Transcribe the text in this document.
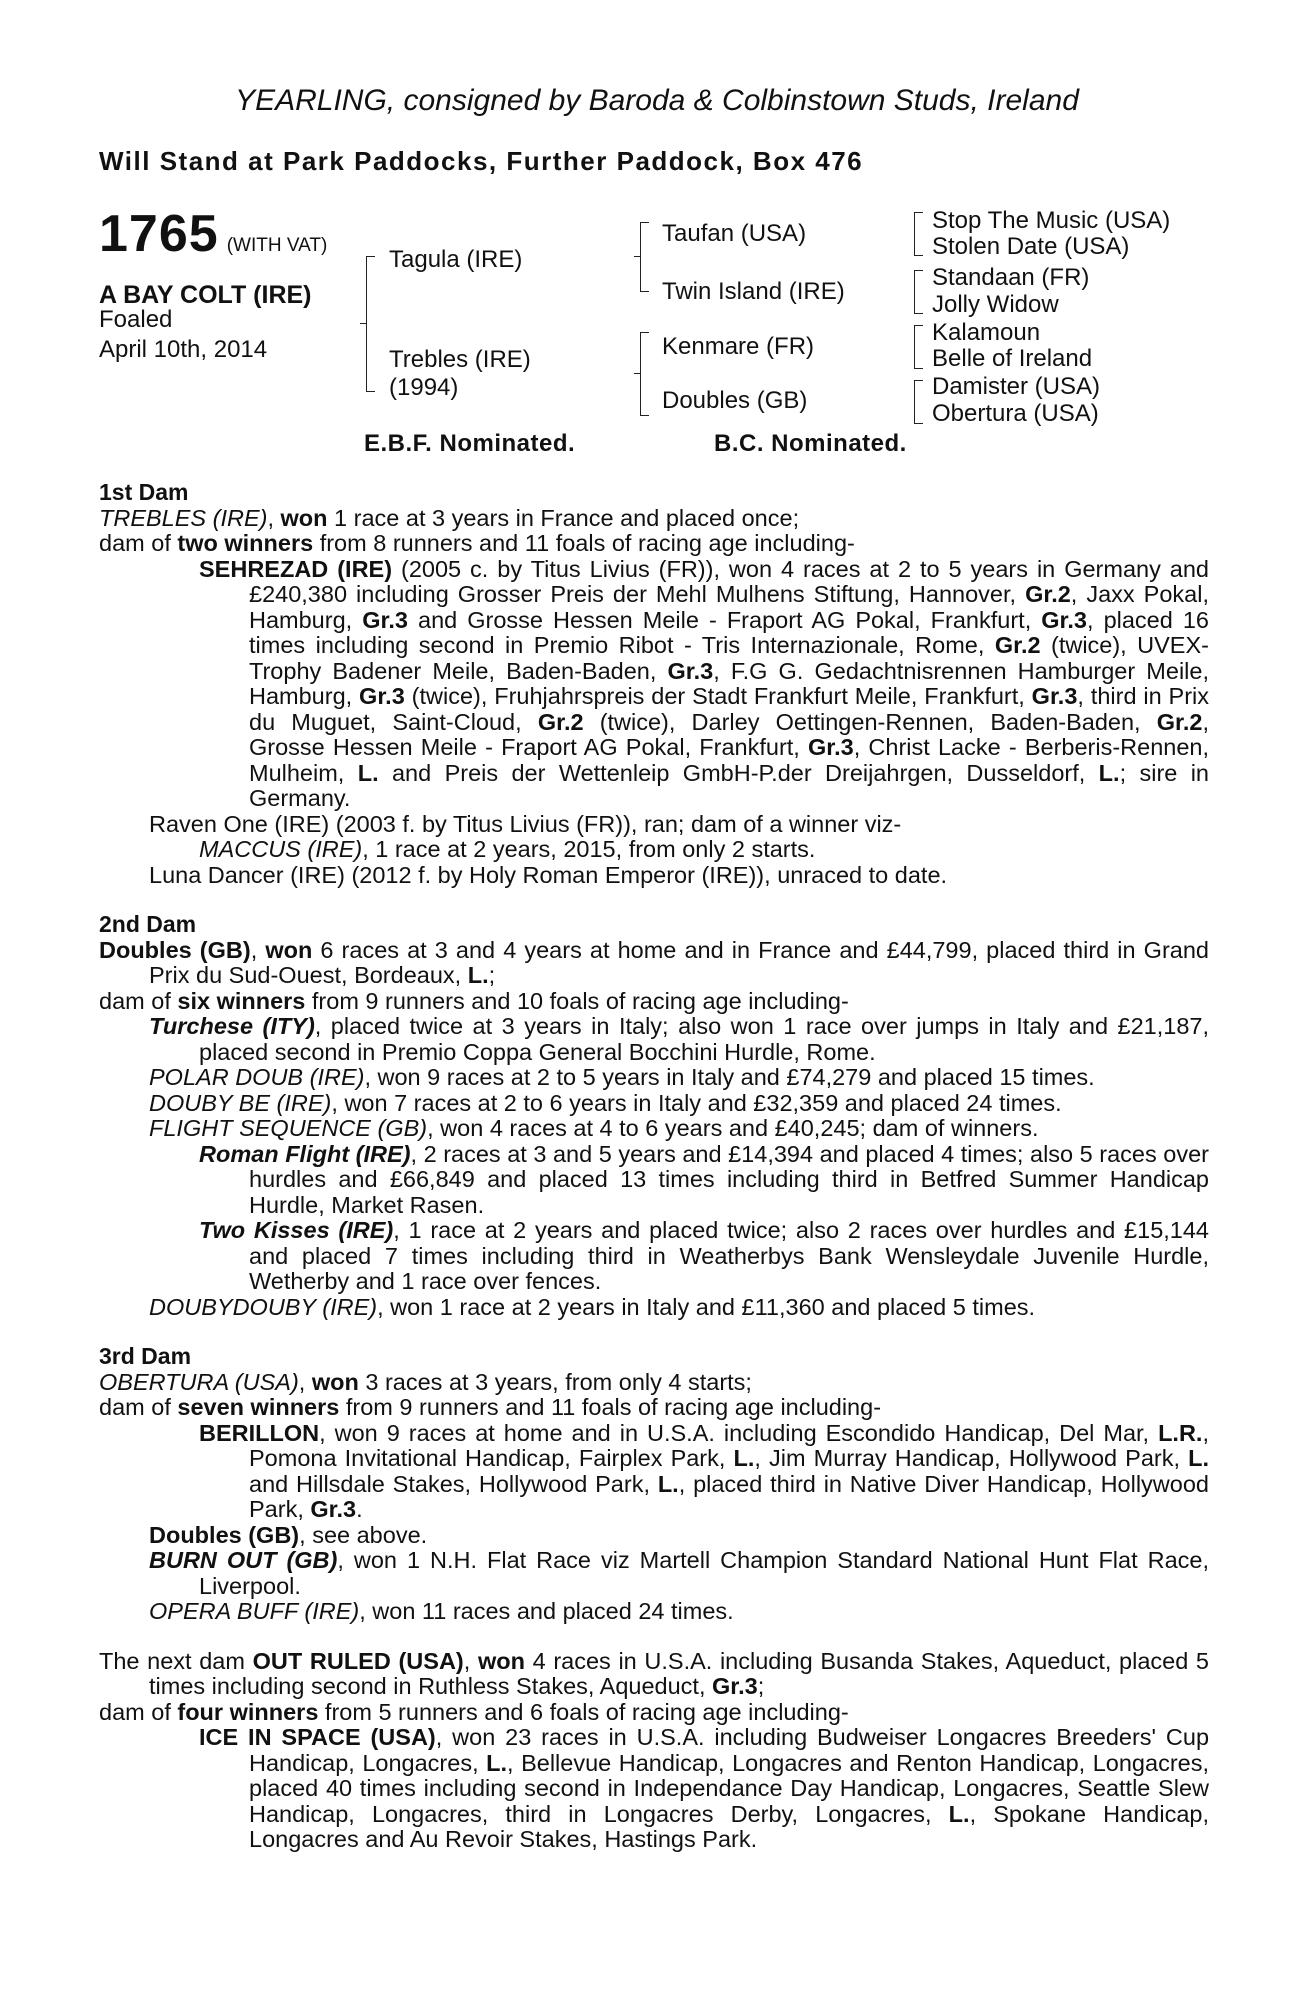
YEARLING, consigned by Baroda & Colbinstown Studs, Ireland
Will Stand at Park Paddocks, Further Paddock, Box 476
1765 (WITH VAT)
A BAY COLT (IRE)
Foaled
April 10th, 2014
Tagula (IRE)
Trebles (IRE)
(1994)
Taufan (USA)
Twin Island (IRE)
Kenmare (FR)
Doubles (GB)
Stop The Music (USA)
Stolen Date (USA)
Standaan (FR)
Jolly Widow
Kalamoun
Belle of Ireland
Damister (USA)
Obertura (USA)
E.B.F. Nominated.	B.C. Nominated.
1st Dam
TREBLES (IRE), won 1 race at 3 years in France and placed once;
dam of two winners from 8 runners and 11 foals of racing age including-
SEHREZAD (IRE) (2005 c. by Titus Livius (FR)), won 4 races at 2 to 5 years in Germany and £240,380 including Grosser Preis der Mehl Mulhens Stiftung, Hannover, Gr.2, Jaxx Pokal, Hamburg, Gr.3 and Grosse Hessen Meile - Fraport AG Pokal, Frankfurt, Gr.3, placed 16 times including second in Premio Ribot - Tris Internazionale, Rome, Gr.2 (twice), UVEX-Trophy Badener Meile, Baden-Baden, Gr.3, F.G G. Gedachtnisrennen Hamburger Meile, Hamburg, Gr.3 (twice), Fruhjahrspreis der Stadt Frankfurt Meile, Frankfurt, Gr.3, third in Prix du Muguet, Saint-Cloud, Gr.2 (twice), Darley Oettingen-Rennen, Baden-Baden, Gr.2, Grosse Hessen Meile - Fraport AG Pokal, Frankfurt, Gr.3, Christ Lacke - Berberis-Rennen, Mulheim, L. and Preis der Wettenleip GmbH-P.der Dreijahrgen, Dusseldorf, L.; sire in Germany.
Raven One (IRE) (2003 f. by Titus Livius (FR)), ran; dam of a winner viz-
MACCUS (IRE), 1 race at 2 years, 2015, from only 2 starts.
Luna Dancer (IRE) (2012 f. by Holy Roman Emperor (IRE)), unraced to date.
2nd Dam
Doubles (GB), won 6 races at 3 and 4 years at home and in France and £44,799, placed third in Grand Prix du Sud-Ouest, Bordeaux, L.;
dam of six winners from 9 runners and 10 foals of racing age including-
Turchese (ITY), placed twice at 3 years in Italy; also won 1 race over jumps in Italy and £21,187, placed second in Premio Coppa General Bocchini Hurdle, Rome.
POLAR DOUB (IRE), won 9 races at 2 to 5 years in Italy and £74,279 and placed 15 times.
DOUBY BE (IRE), won 7 races at 2 to 6 years in Italy and £32,359 and placed 24 times.
FLIGHT SEQUENCE (GB), won 4 races at 4 to 6 years and £40,245; dam of winners.
Roman Flight (IRE), 2 races at 3 and 5 years and £14,394 and placed 4 times; also 5 races over hurdles and £66,849 and placed 13 times including third in Betfred Summer Handicap Hurdle, Market Rasen.
Two Kisses (IRE), 1 race at 2 years and placed twice; also 2 races over hurdles and £15,144 and placed 7 times including third in Weatherbys Bank Wensleydale Juvenile Hurdle, Wetherby and 1 race over fences.
DOUBYDOUBY (IRE), won 1 race at 2 years in Italy and £11,360 and placed 5 times.
3rd Dam
OBERTURA (USA), won 3 races at 3 years, from only 4 starts;
dam of seven winners from 9 runners and 11 foals of racing age including-
BERILLON, won 9 races at home and in U.S.A. including Escondido Handicap, Del Mar, L.R., Pomona Invitational Handicap, Fairplex Park, L., Jim Murray Handicap, Hollywood Park, L. and Hillsdale Stakes, Hollywood Park, L., placed third in Native Diver Handicap, Hollywood Park, Gr.3.
Doubles (GB), see above.
BURN OUT (GB), won 1 N.H. Flat Race viz Martell Champion Standard National Hunt Flat Race, Liverpool.
OPERA BUFF (IRE), won 11 races and placed 24 times.
The next dam OUT RULED (USA), won 4 races in U.S.A. including Busanda Stakes, Aqueduct, placed 5 times including second in Ruthless Stakes, Aqueduct, Gr.3;
dam of four winners from 5 runners and 6 foals of racing age including-
ICE IN SPACE (USA), won 23 races in U.S.A. including Budweiser Longacres Breeders' Cup Handicap, Longacres, L., Bellevue Handicap, Longacres and Renton Handicap, Longacres, placed 40 times including second in Independance Day Handicap, Longacres, Seattle Slew Handicap, Longacres, third in Longacres Derby, Longacres, L., Spokane Handicap, Longacres and Au Revoir Stakes, Hastings Park.
